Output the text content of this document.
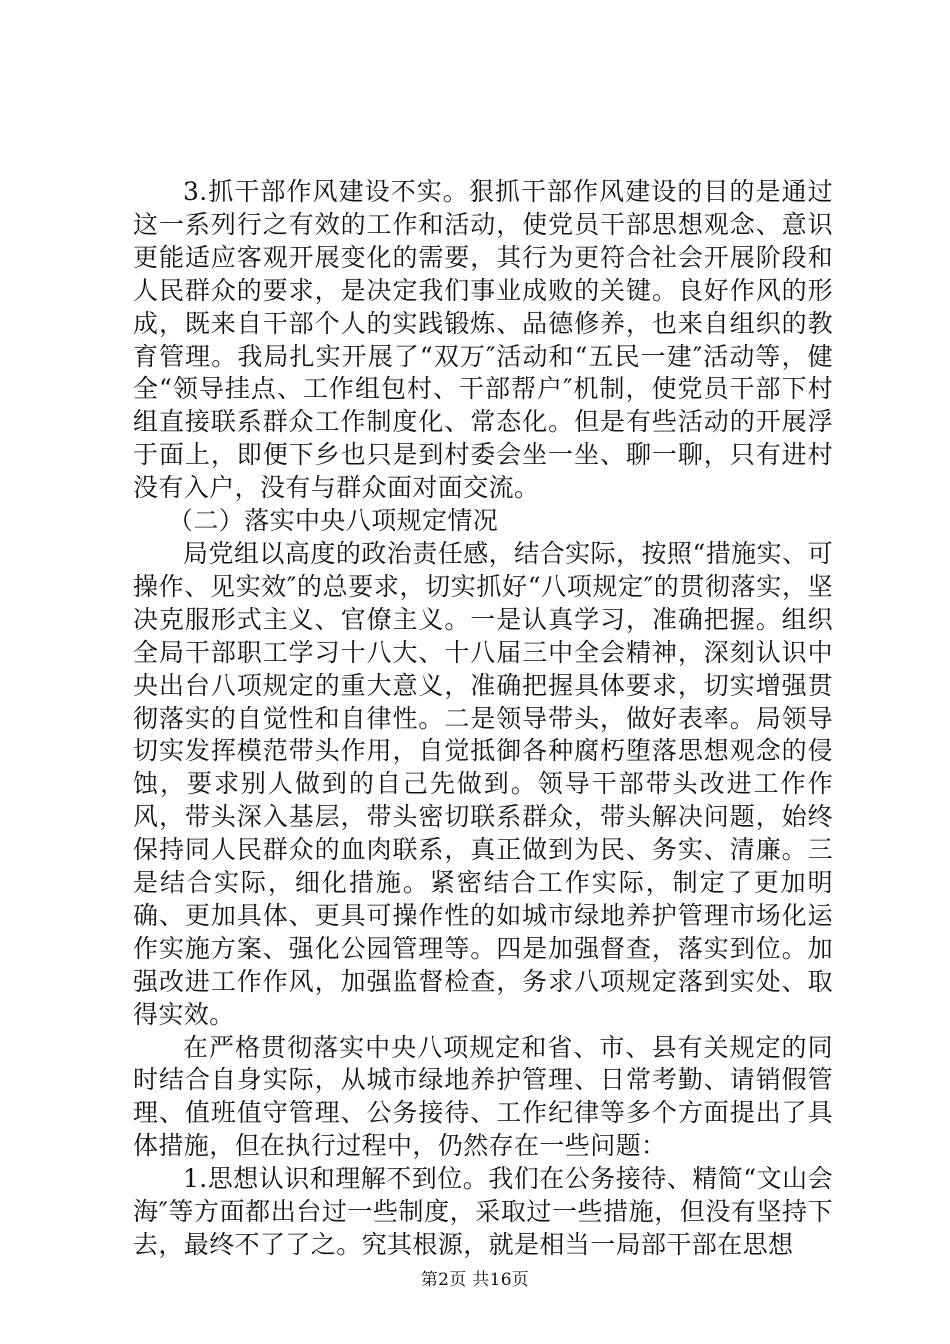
3.抓干部作风建设不实。狠抓干部作风建设的目的是通过这一系列行之有效的工作和活动，使党员干部思想观念、意识更能适应客观开展变化的需要，其行为更符合社会开展阶段和人民群众的要求，是决定我们事业成败的关键。良好作风的形成，既来自干部个人的实践锻炼、品德修养，也来自组织的教育管理。我局扎实开展了“双万″活动和“五民一建″活动等，健全“领导挂点、工作组包村、干部帮户″机制，使党员干部下村组直接联系群众工作制度化、常态化。但是有些活动的开展浮于面上，即便下乡也只是到村委会坐一坐、聊一聊，只有进村没有入户，没有与群众面对面交流。

（二）落实中央八项规定情况

局党组以高度的政治责任感，结合实际，按照“措施实、可操作、见实效″的总要求，切实抓好“八项规定″的贯彻落实，坚决克服形式主义、官僚主义。一是认真学习，准确把握。组织全局干部职工学习十八大、十八届三中全会精神，深刻认识中央出台八项规定的重大意义，准确把握具体要求，切实增强贯彻落实的自觉性和自律性。二是领导带头，做好表率。局领导切实发挥模范带头作用，自觉抵御各种腐朽堕落思想观念的侵蚀，要求别人做到的自己先做到。领导干部带头改进工作作风，带头深入基层，带头密切联系群众，带头解决问题，始终保持同人民群众的血肉联系，真正做到为民、务实、清廉。三是结合实际，细化措施。紧密结合工作实际，制定了更加明确、更加具体、更具可操作性的如城市绿地养护管理市场化运作实施方案、强化公园管理等。四是加强督查，落实到位。加强改进工作作风，加强监督检查，务求八项规定落到实处、取得实效。

在严格贯彻落实中央八项规定和省、市、县有关规定的同时结合自身实际，从城市绿地养护管理、日常考勤、请销假管理、值班值守管理、公务接待、工作纪律等多个方面提出了具体措施，但在执行过程中，仍然存在一些问题：

1.思想认识和理解不到位。我们在公务接待、精简“文山会海″等方面都出台过一些制度，采取过一些措施，但没有坚持下去，最终不了了之。究其根源，就是相当一局部干部在思想

第2页 共16页
